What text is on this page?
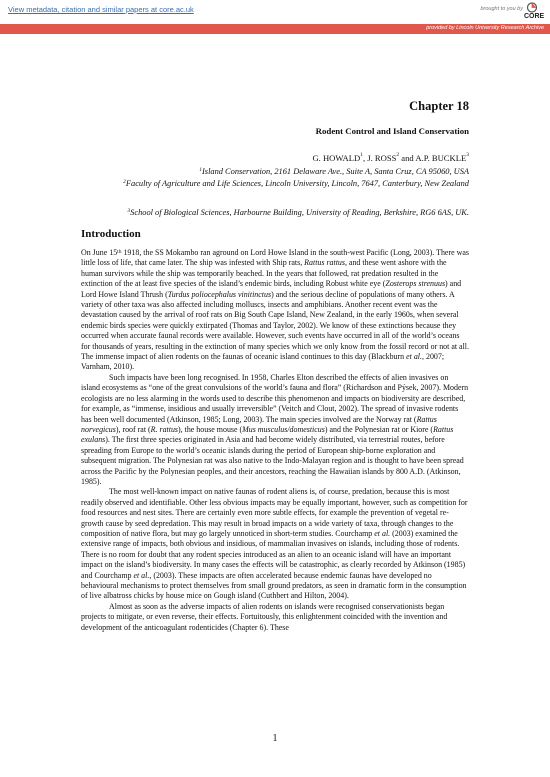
View metadata, citation and similar papers at core.ac.uk	brought to you by
CORE
provided by Lincoln University Research Archive
Chapter 18
Rodent Control and Island Conservation
G. HOWALD$^1$, J. ROSS$^2$ and A.P. BUCKLE$^3$
$^1$Island Conservation, 2161 Delaware Ave., Suite A, Santa Cruz, CA 95060, USA
$^2$Faculty of Agriculture and Life Sciences, Lincoln University, Lincoln, 7647, Canterbury, New Zealand
$^3$School of Biological Sciences, Harbourne Building, University of Reading, Berkshire, RG6 6AS, UK.
Introduction

On June 15th 1918, the SS Mokambo ran aground on Lord Howe Island in the south-west Pacific (Long, 2003). There was little loss of life, that came later. The ship was infested with Ship rats, Rattus rattus, and these went ashore with the human survivors while the ship was temporarily beached. In the years that followed, rat predation resulted in the extinction of the at least five species of the island’s endemic birds, including Robust white eye (Zosterops strenuus) and Lord Howe Island Thrush (Turdus poliocephalus vinitinctus) and the serious decline of populations of many others. A variety of other taxa was also affected including molluscs, insects and amphibians. Another recent event was the devastation caused by the arrival of roof rats on Big South Cape Island, New Zealand, in the early 1960s, when several endemic birds species were quickly extirpated (Thomas and Taylor, 2002). We know of these extinctions because they occurred when accurate faunal records were available. However, such events have occurred in all of the world’s oceans for thousands of years, resulting in the extinction of many species which we only know from the fossil record or not at all. The immense impact of alien rodents on the faunas of oceanic island continues to this day (Blackburn et al., 2007; Varnham, 2010).

Such impacts have been long recognised. In 1958, Charles Elton described the effects of alien invasives on island ecosystems as “one of the great convulsions of the world’s fauna and flora” (Richardson and Pýsek, 2007). Modern ecologists are no less alarming in the words used to describe this phenomenon and impacts on biodiversity are described, for example, as “immense, insidious and usually irreversible” (Veitch and Clout, 2002). The spread of invasive rodents has been well documented (Atkinson, 1985; Long, 2003). The main species involved are the Norway rat (Rattus norvegicus), roof rat (R. rattus), the house mouse (Mus musculus/domesticus) and the Polynesian rat or Kiore (Rattus exulans). The first three species originated in Asia and had become widely distributed, via terrestrial routes, before spreading from Europe to the world’s oceanic islands during the period of European ship-borne exploration and subsequent migration. The Polynesian rat was also native to the Indo-Malayan region and is thought to have been spread across the Pacific by the Polynesian peoples, and their ancestors, reaching the Hawaiian islands by 800 A.D. (Atkinson, 1985).

The most well-known impact on native faunas of rodent aliens is, of course, predation, because this is most readily observed and identifiable. Other less obvious impacts may be equally important, however, such as competition for food resources and nest sites. There are certainly even more subtle effects, for example the prevention of vegetal re-growth cause by seed depredation. This may result in broad impacts on a wide variety of taxa, through changes to the composition of native flora, but may go largely unnoticed in short-term studies. Courchamp et al. (2003) examined the extensive range of impacts, both obvious and insidious, of mammalian invasives on islands, including those of rodents. There is no room for doubt that any rodent species introduced as an alien to an oceanic island will have an important impact on the island’s biodiversity. In many cases the effects will be catastrophic, as clearly recorded by Atkinson (1985) and Courchamp et al., (2003). These impacts are often accelerated because endemic faunas have developed no behavioural mechanisms to protect themselves from small ground predators, as seen in dramatic form in the consumption of live albatross chicks by house mice on Gough island (Cuthbert and Hilton, 2004).

Almost as soon as the adverse impacts of alien rodents on islands were recognised conservationists began projects to mitigate, or even reverse, their effects. Fortuitously, this enlightenment coincided with the invention and development of the anticoagulant rodenticides (Chapter 6). These

1
